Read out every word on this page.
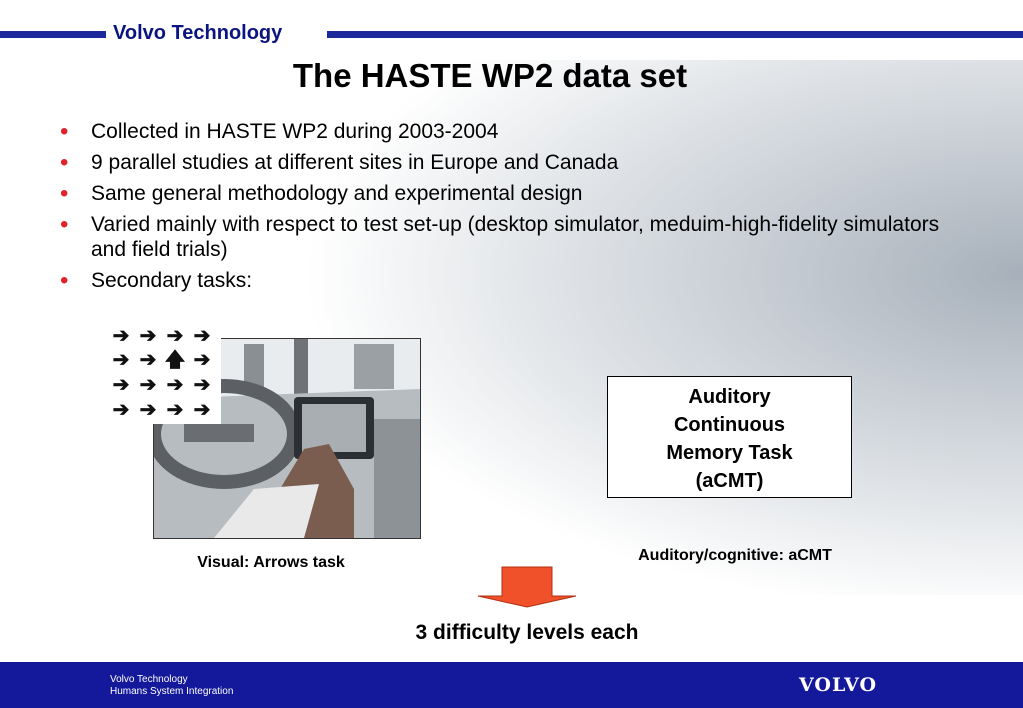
Volvo Technology
The HASTE WP2 data set
• Collected in HASTE WP2 during 2003-2004
• 9 parallel studies at different sites in Europe and Canada
• Same general methodology and experimental design
• Varied mainly with respect to test set-up (desktop simulator, meduim-high-fidelity simulators and field trials)
• Secondary tasks:
➔ ➔ ➔ ➔
➔ ➔ 🡅 ➔
➔ ➔ ➔ ➔
➔ ➔ ➔ ➔
Visual: Arrows task
Auditory
Continuous
Memory Task
(aCMT)
Auditory/cognitive: aCMT
3 difficulty levels each
Volvo Technology
Humans System Integration	VOLVO
